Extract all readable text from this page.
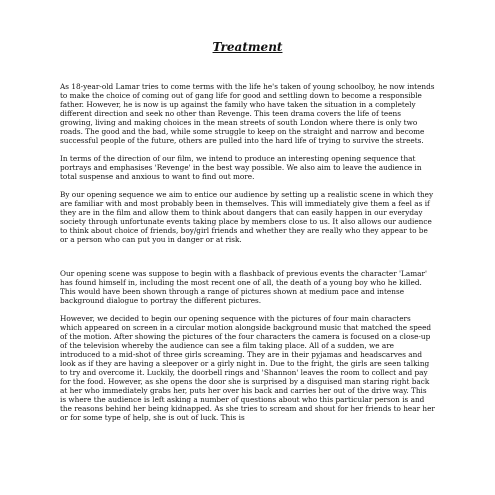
Treatment

As 18-year-old Lamar tries to come terms with the life he's taken of young schoolboy, he now intends to make the choice of coming out of gang life for good and settling down to become a responsible father. However, he is now is up against the family who have taken the situation in a completely different direction and seek no other than Revenge. This teen drama covers the life of teens growing, living and making choices in the mean streets of south London where there is only two roads. The good and the bad, while some struggle to keep on the straight and narrow and become successful people of the future, others are pulled into the hard life of trying to survive the streets.

In terms of the direction of our film, we intend to produce an interesting opening sequence that portrays and emphasises 'Revenge' in the best way possible. We also aim to leave the audience in total suspense and anxious to want to find out more.

By our opening sequence we aim to entice our audience by setting up a realistic scene in which they are familiar with and most probably been in themselves. This will immediately give them a feel as if they are in the film and allow them to think about dangers that can easily happen in our everyday society through unfortunate events taking place by members close to us. It also allows our audience to think about choice of friends, boy/girl friends and whether they are really who they appear to be or a person who can put you in danger or at risk.

Our opening scene was suppose to begin with a flashback of previous events the character 'Lamar' has found himself in, including the most recent one of all, the death of a young boy who he killed. This would have been shown through a range of pictures shown at medium pace and intense background dialogue to portray the different pictures.

However, we decided to begin our opening sequence with the pictures of four main characters which appeared on screen in a circular motion alongside background music that matched the speed of the motion. After showing the pictures of the four characters the camera is focused on a close-up of the television whereby the audience can see a film taking place. All of a sudden, we are introduced to a mid-shot of three girls screaming. They are in their pyjamas and headscarves and look as if they are having a sleepover or a girly night in. Due to the fright, the girls are seen talking to try and overcome it. Luckily, the doorbell rings and 'Shannon' leaves the room to collect and pay for the food. However, as she opens the door she is surprised by a disguised man staring right back at her who immediately grabs her, puts her over his back and carries her out of the drive way. This is where the audience is left asking a number of questions about who this particular person is and the reasons behind her being kidnapped. As she tries to scream and shout for her friends to hear her or for some type of help, she is out of luck. This is
